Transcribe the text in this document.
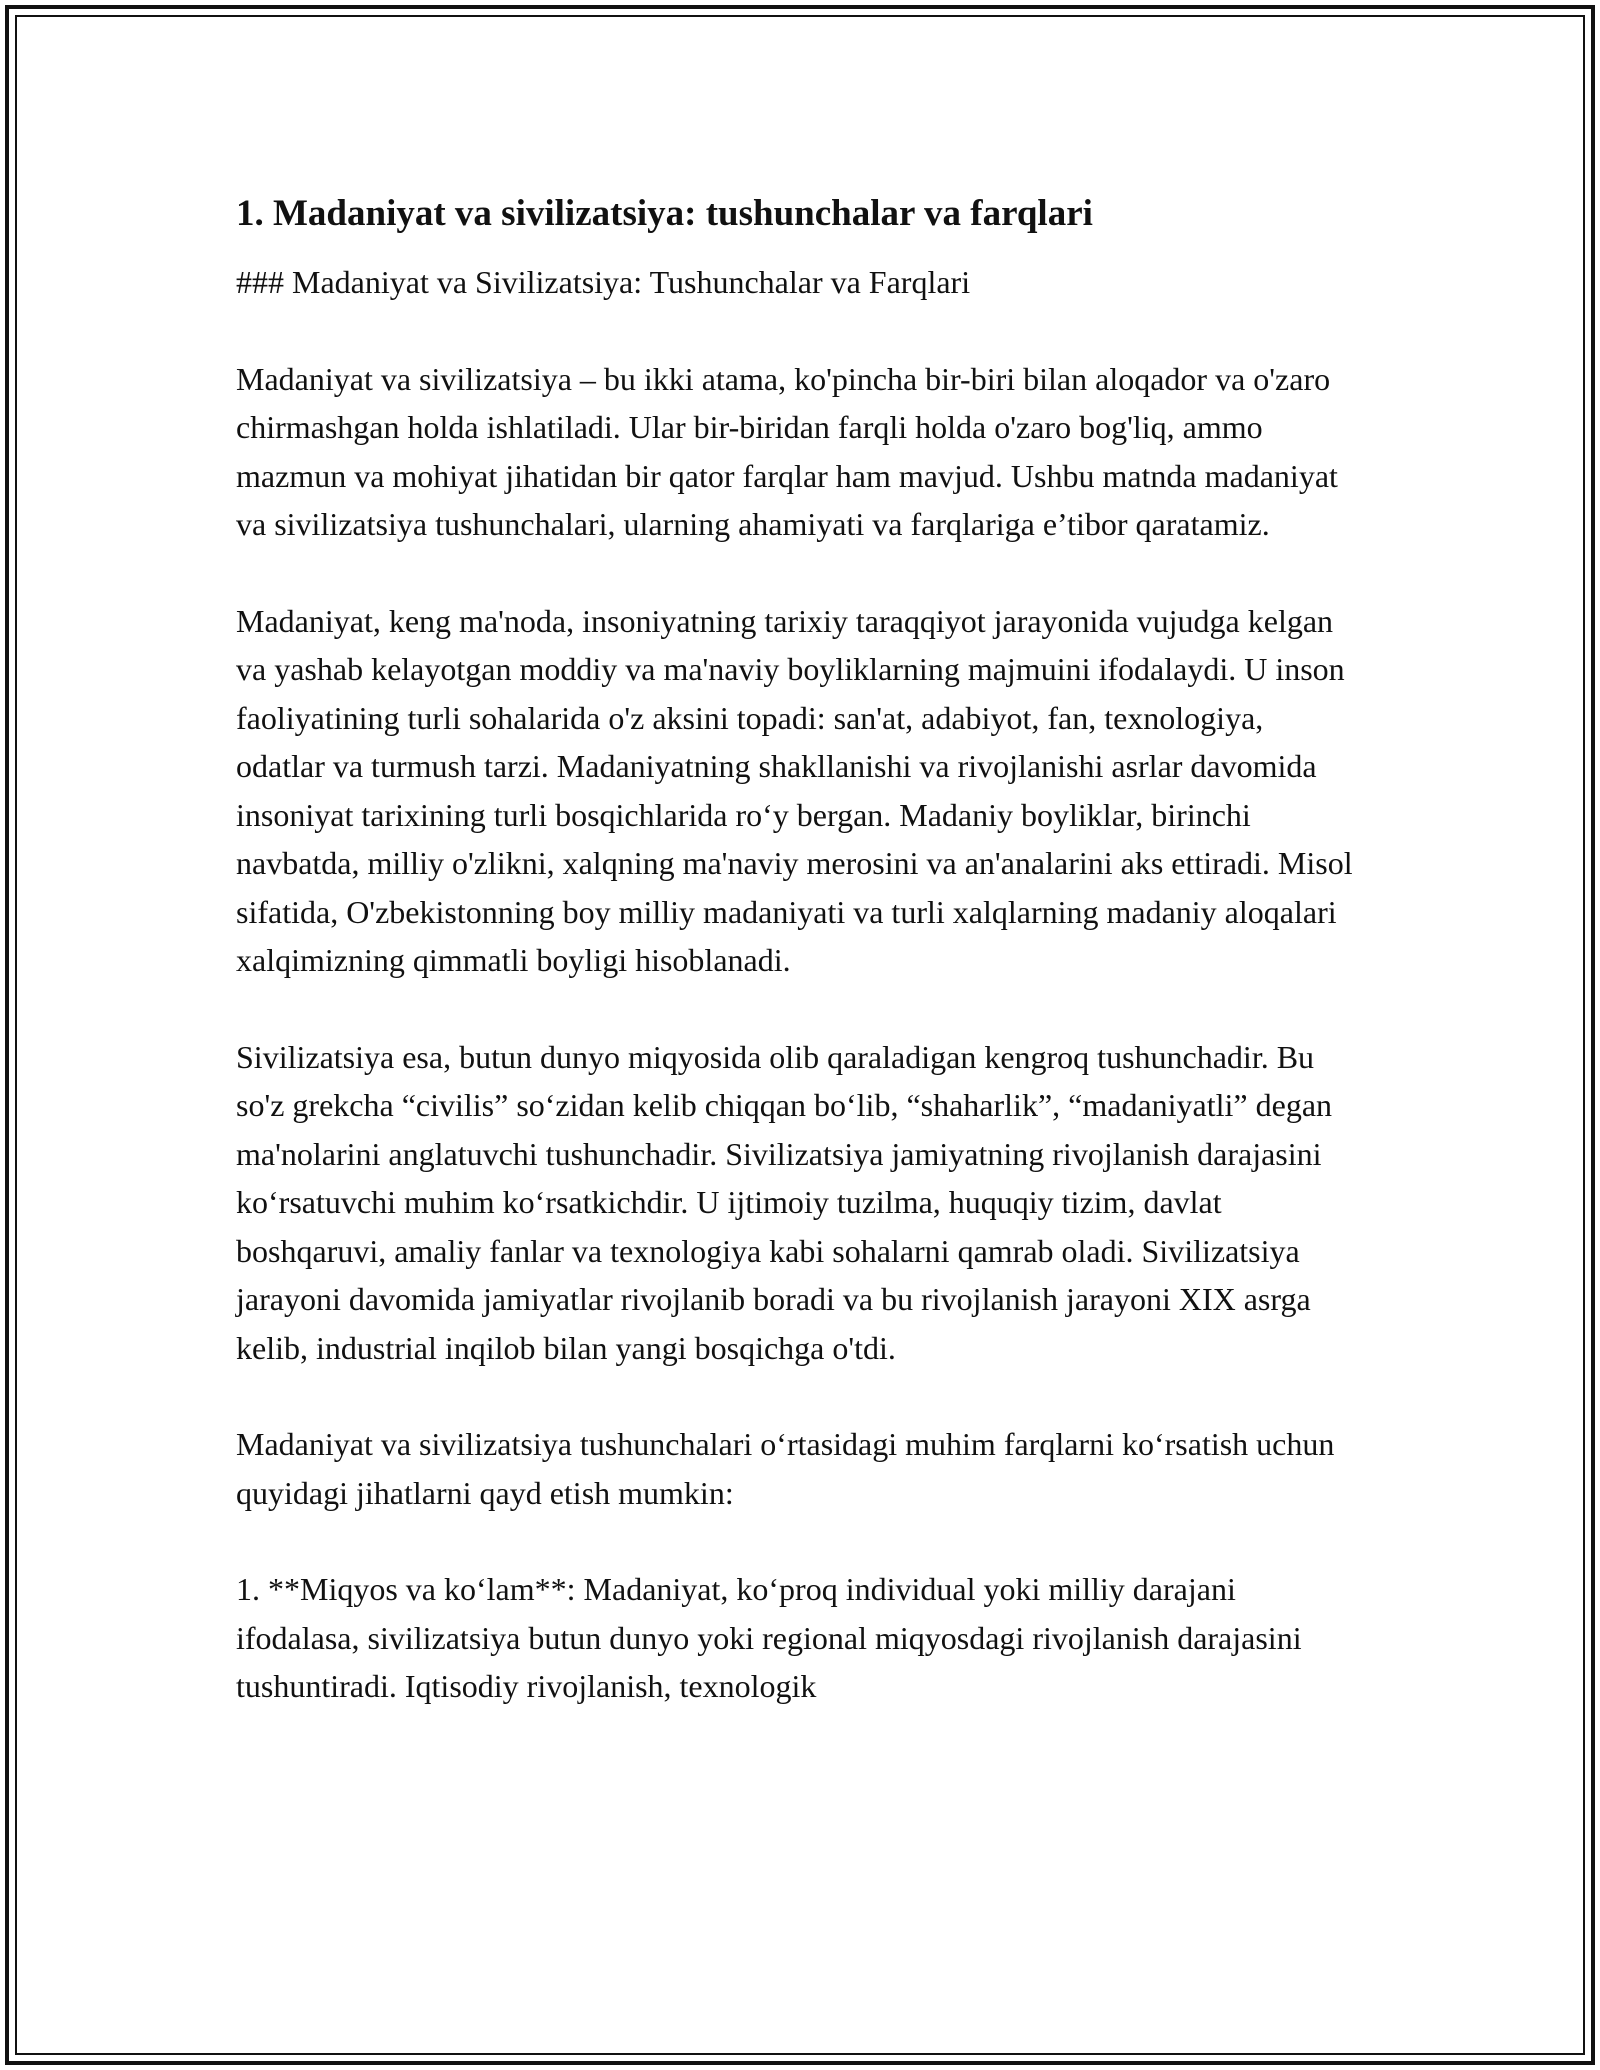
1. Madaniyat va sivilizatsiya: tushunchalar va farqlari

### Madaniyat va Sivilizatsiya: Tushunchalar va Farqlari

Madaniyat va sivilizatsiya – bu ikki atama, ko'pincha bir-biri bilan aloqador va o'zaro chirmashgan holda ishlatiladi. Ular bir-biridan farqli holda o'zaro bog'liq, ammo mazmun va mohiyat jihatidan bir qator farqlar ham mavjud. Ushbu matnda madaniyat va sivilizatsiya tushunchalari, ularning ahamiyati va farqlariga e’tibor qaratamiz.

Madaniyat, keng ma'noda, insoniyatning tarixiy taraqqiyot jarayonida vujudga kelgan va yashab kelayotgan moddiy va ma'naviy boyliklarning majmuini ifodalaydi. U inson faoliyatining turli sohalarida o'z aksini topadi: san'at, adabiyot, fan, texnologiya, odatlar va turmush tarzi. Madaniyatning shakllanishi va rivojlanishi asrlar davomida insoniyat tarixining turli bosqichlarida roʻy bergan. Madaniy boyliklar, birinchi navbatda, milliy o'zlikni, xalqning ma'naviy merosini va an'analarini aks ettiradi. Misol sifatida, O'zbekistonning boy milliy madaniyati va turli xalqlarning madaniy aloqalari xalqimizning qimmatli boyligi hisoblanadi.

Sivilizatsiya esa, butun dunyo miqyosida olib qaraladigan kengroq tushunchadir. Bu so'z grekcha “civilis” soʻzidan kelib chiqqan boʻlib, “shaharlik”, “madaniyatli” degan ma'nolarini anglatuvchi tushunchadir. Sivilizatsiya jamiyatning rivojlanish darajasini koʻrsatuvchi muhim koʻrsatkichdir. U ijtimoiy tuzilma, huquqiy tizim, davlat boshqaruvi, amaliy fanlar va texnologiya kabi sohalarni qamrab oladi. Sivilizatsiya jarayoni davomida jamiyatlar rivojlanib boradi va bu rivojlanish jarayoni XIX asrga kelib, industrial inqilob bilan yangi bosqichga o'tdi.

Madaniyat va sivilizatsiya tushunchalari oʻrtasidagi muhim farqlarni koʻrsatish uchun quyidagi jihatlarni qayd etish mumkin:

1. **Miqyos va koʻlam**: Madaniyat, koʻproq individual yoki milliy darajani ifodalasa, sivilizatsiya butun dunyo yoki regional miqyosdagi rivojlanish darajasini tushuntiradi. Iqtisodiy rivojlanish, texnologik
